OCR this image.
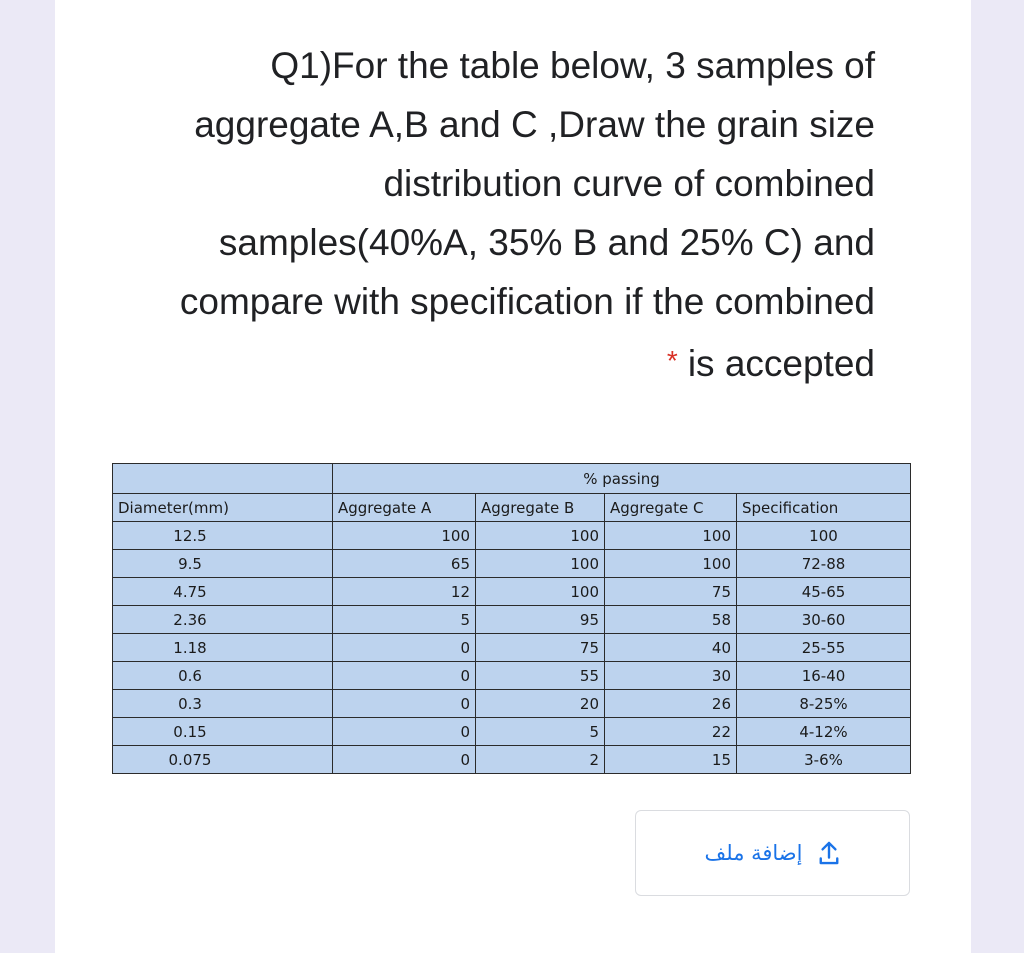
Q1)For the table below, 3 samples of
aggregate A,B and C ,Draw the grain size
distribution curve of combined
samples(40%A, 35% B and 25% C) and
compare with specification if the combined
* is accepted
	% passing			
Diameter(mm)	Aggregate A	Aggregate B	Aggregate C	Specification
12.5	100	100	100	100
9.5	65	100	100	72-88
4.75	12	100	75	45-65
2.36	5	95	58	30-60
1.18	0	75	40	25-55
0.6	0	55	30	16-40
0.3	0	20	26	8-25%
0.15	0	5	22	4-12%
0.075	0	2	15	3-6%
إضافة ملف
